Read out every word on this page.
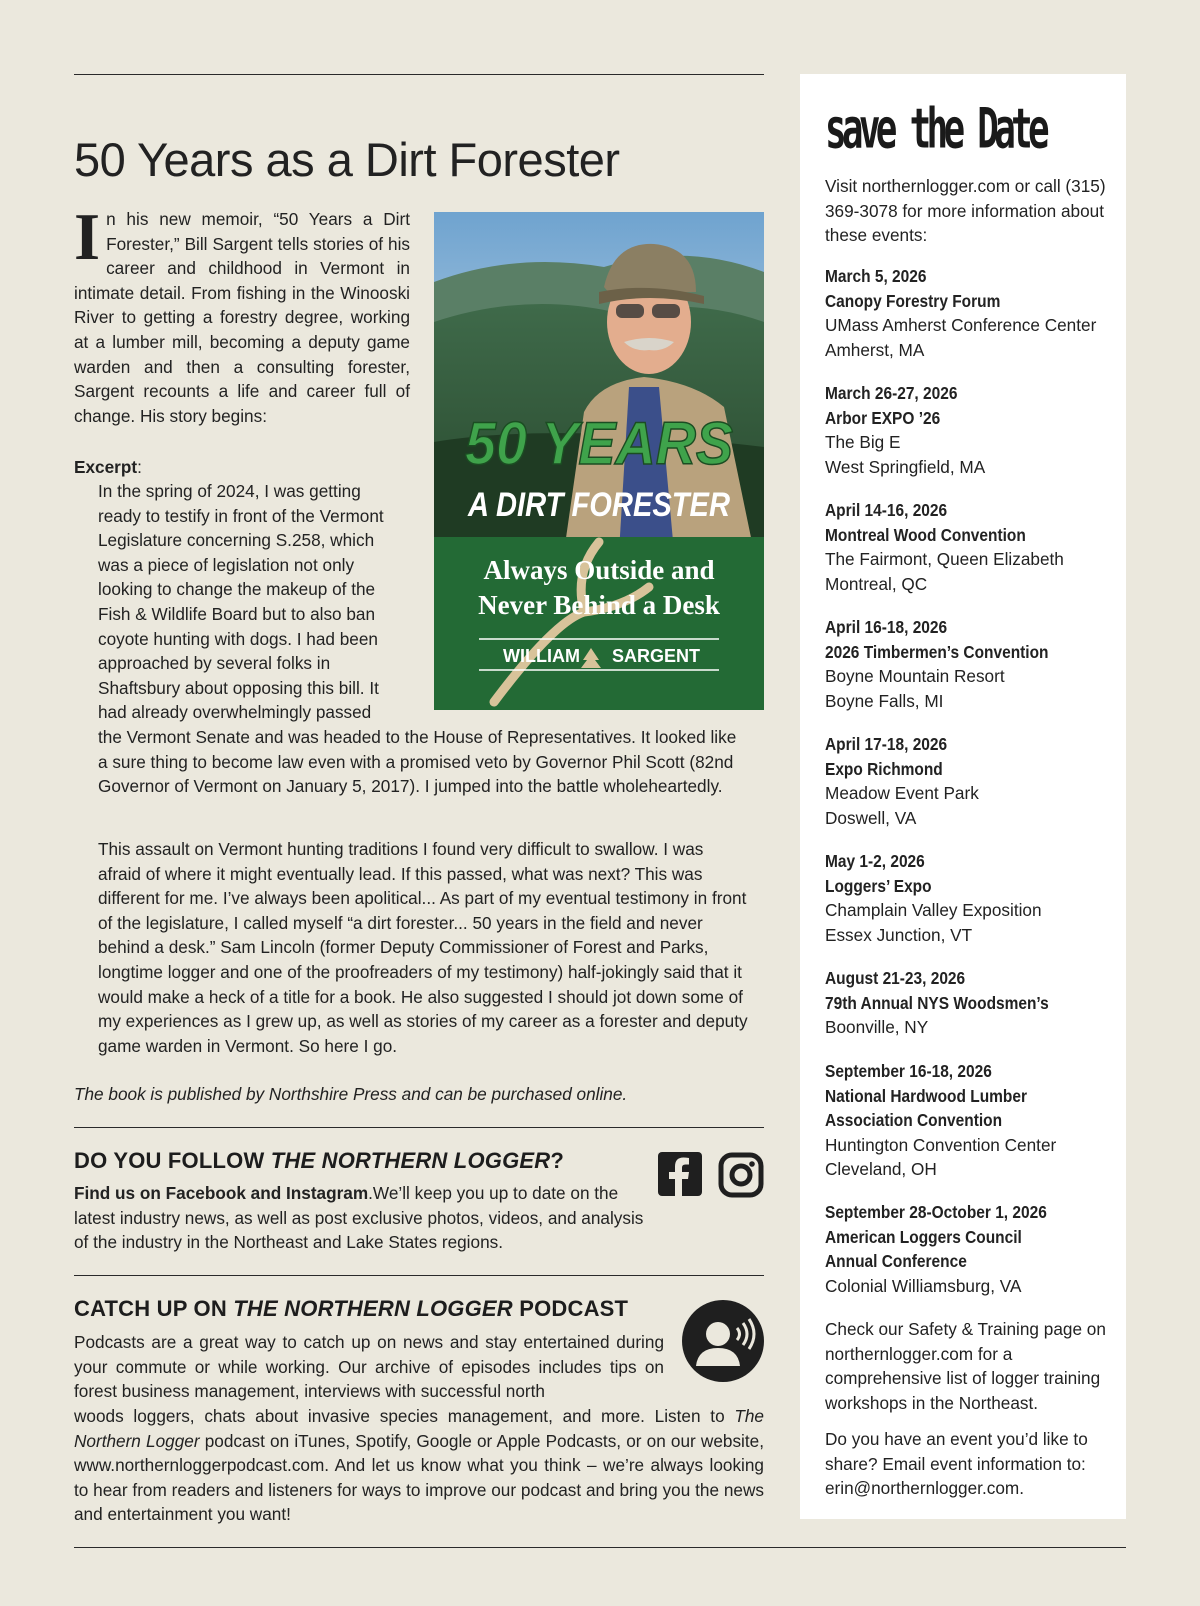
50 Years as a Dirt Forester
In his new memoir, “50 Years a Dirt Forester,” Bill Sargent tells stories of his career and childhood in Vermont in intimate detail. From fishing in the Winooski River to getting a forestry degree, working at a lumber mill, becoming a deputy game warden and then a consulting forester, Sargent recounts a life and career full of change. His story begins:
Excerpt:

In the spring of 2024, I was getting ready to testify in front of the Vermont Legislature concerning S.258, which was a piece of legislation not only looking to change the makeup of the Fish & Wildlife Board but to also ban coyote hunting with dogs. I had been approached by several folks in Shaftsbury about opposing this bill. It had already overwhelmingly passed

the Vermont Senate and was headed to the House of Representatives. It looked like a sure thing to become law even with a promised veto by Governor Phil Scott (82nd Governor of Vermont on January 5, 2017). I jumped into the battle wholeheartedly.

This assault on Vermont hunting traditions I found very difficult to swallow. I was afraid of where it might eventually lead. If this passed, what was next? This was different for me. I’ve always been apolitical... As part of my eventual testimony in front of the legislature, I called myself “a dirt forester... 50 years in the field and never behind a desk.” Sam Lincoln (former Deputy Commissioner of Forest and Parks, longtime logger and one of the proofreaders of my testimony) half-jokingly said that it would make a heck of a title for a book. He also suggested I should jot down some of my experiences as I grew up, as well as stories of my career as a forester and deputy game warden in Vermont. So here I go.

The book is published by Northshire Press and can be purchased online.

50 YEARS
A DIRT FORESTER
Always Outside and
Never Behind a Desk
WILLIAM SARGENT

DO YOU FOLLOW THE NORTHERN LOGGER?

Find us on Facebook and Instagram.We’ll keep you up to date on the latest industry news, as well as post exclusive photos, videos, and analysis of the industry in the Northeast and Lake States regions.

CATCH UP ON THE NORTHERN LOGGER PODCAST

Podcasts are a great way to catch up on news and stay entertained during your commute or while working. Our archive of episodes includes tips on forest business management, interviews with successful north

woods loggers, chats about invasive species management, and more. Listen to The Northern Logger podcast on iTunes, Spotify, Google or Apple Podcasts, or on our website, www.northernloggerpodcast.com. And let us know what you think – we’re always looking to hear from readers and listeners for ways to improve our podcast and bring you the news and entertainment you want!

save the Date
Visit northernlogger.com or call (315) 369-3078 for more information about these events:
March 5, 2026
Canopy Forestry Forum
UMass Amherst Conference Center
Amherst, MA
March 26-27, 2026
Arbor EXPO ’26
The Big E
West Springfield, MA
April 14-16, 2026
Montreal Wood Convention
The Fairmont, Queen Elizabeth
Montreal, QC
April 16-18, 2026
2026 Timbermen’s Convention
Boyne Mountain Resort
Boyne Falls, MI
April 17-18, 2026
Expo Richmond
Meadow Event Park
Doswell, VA
May 1-2, 2026
Loggers’ Expo
Champlain Valley Exposition
Essex Junction, VT
August 21-23, 2026
79th Annual NYS Woodsmen’s
Boonville, NY
September 16-18, 2026
National Hardwood Lumber
Association Convention
Huntington Convention Center
Cleveland, OH
September 28-October 1, 2026
American Loggers Council
Annual Conference
Colonial Williamsburg, VA
Check our Safety & Training page on northernlogger.com for a comprehensive list of logger training workshops in the Northeast.
Do you have an event you’d like to share? Email event information to: erin@northernlogger.com.
